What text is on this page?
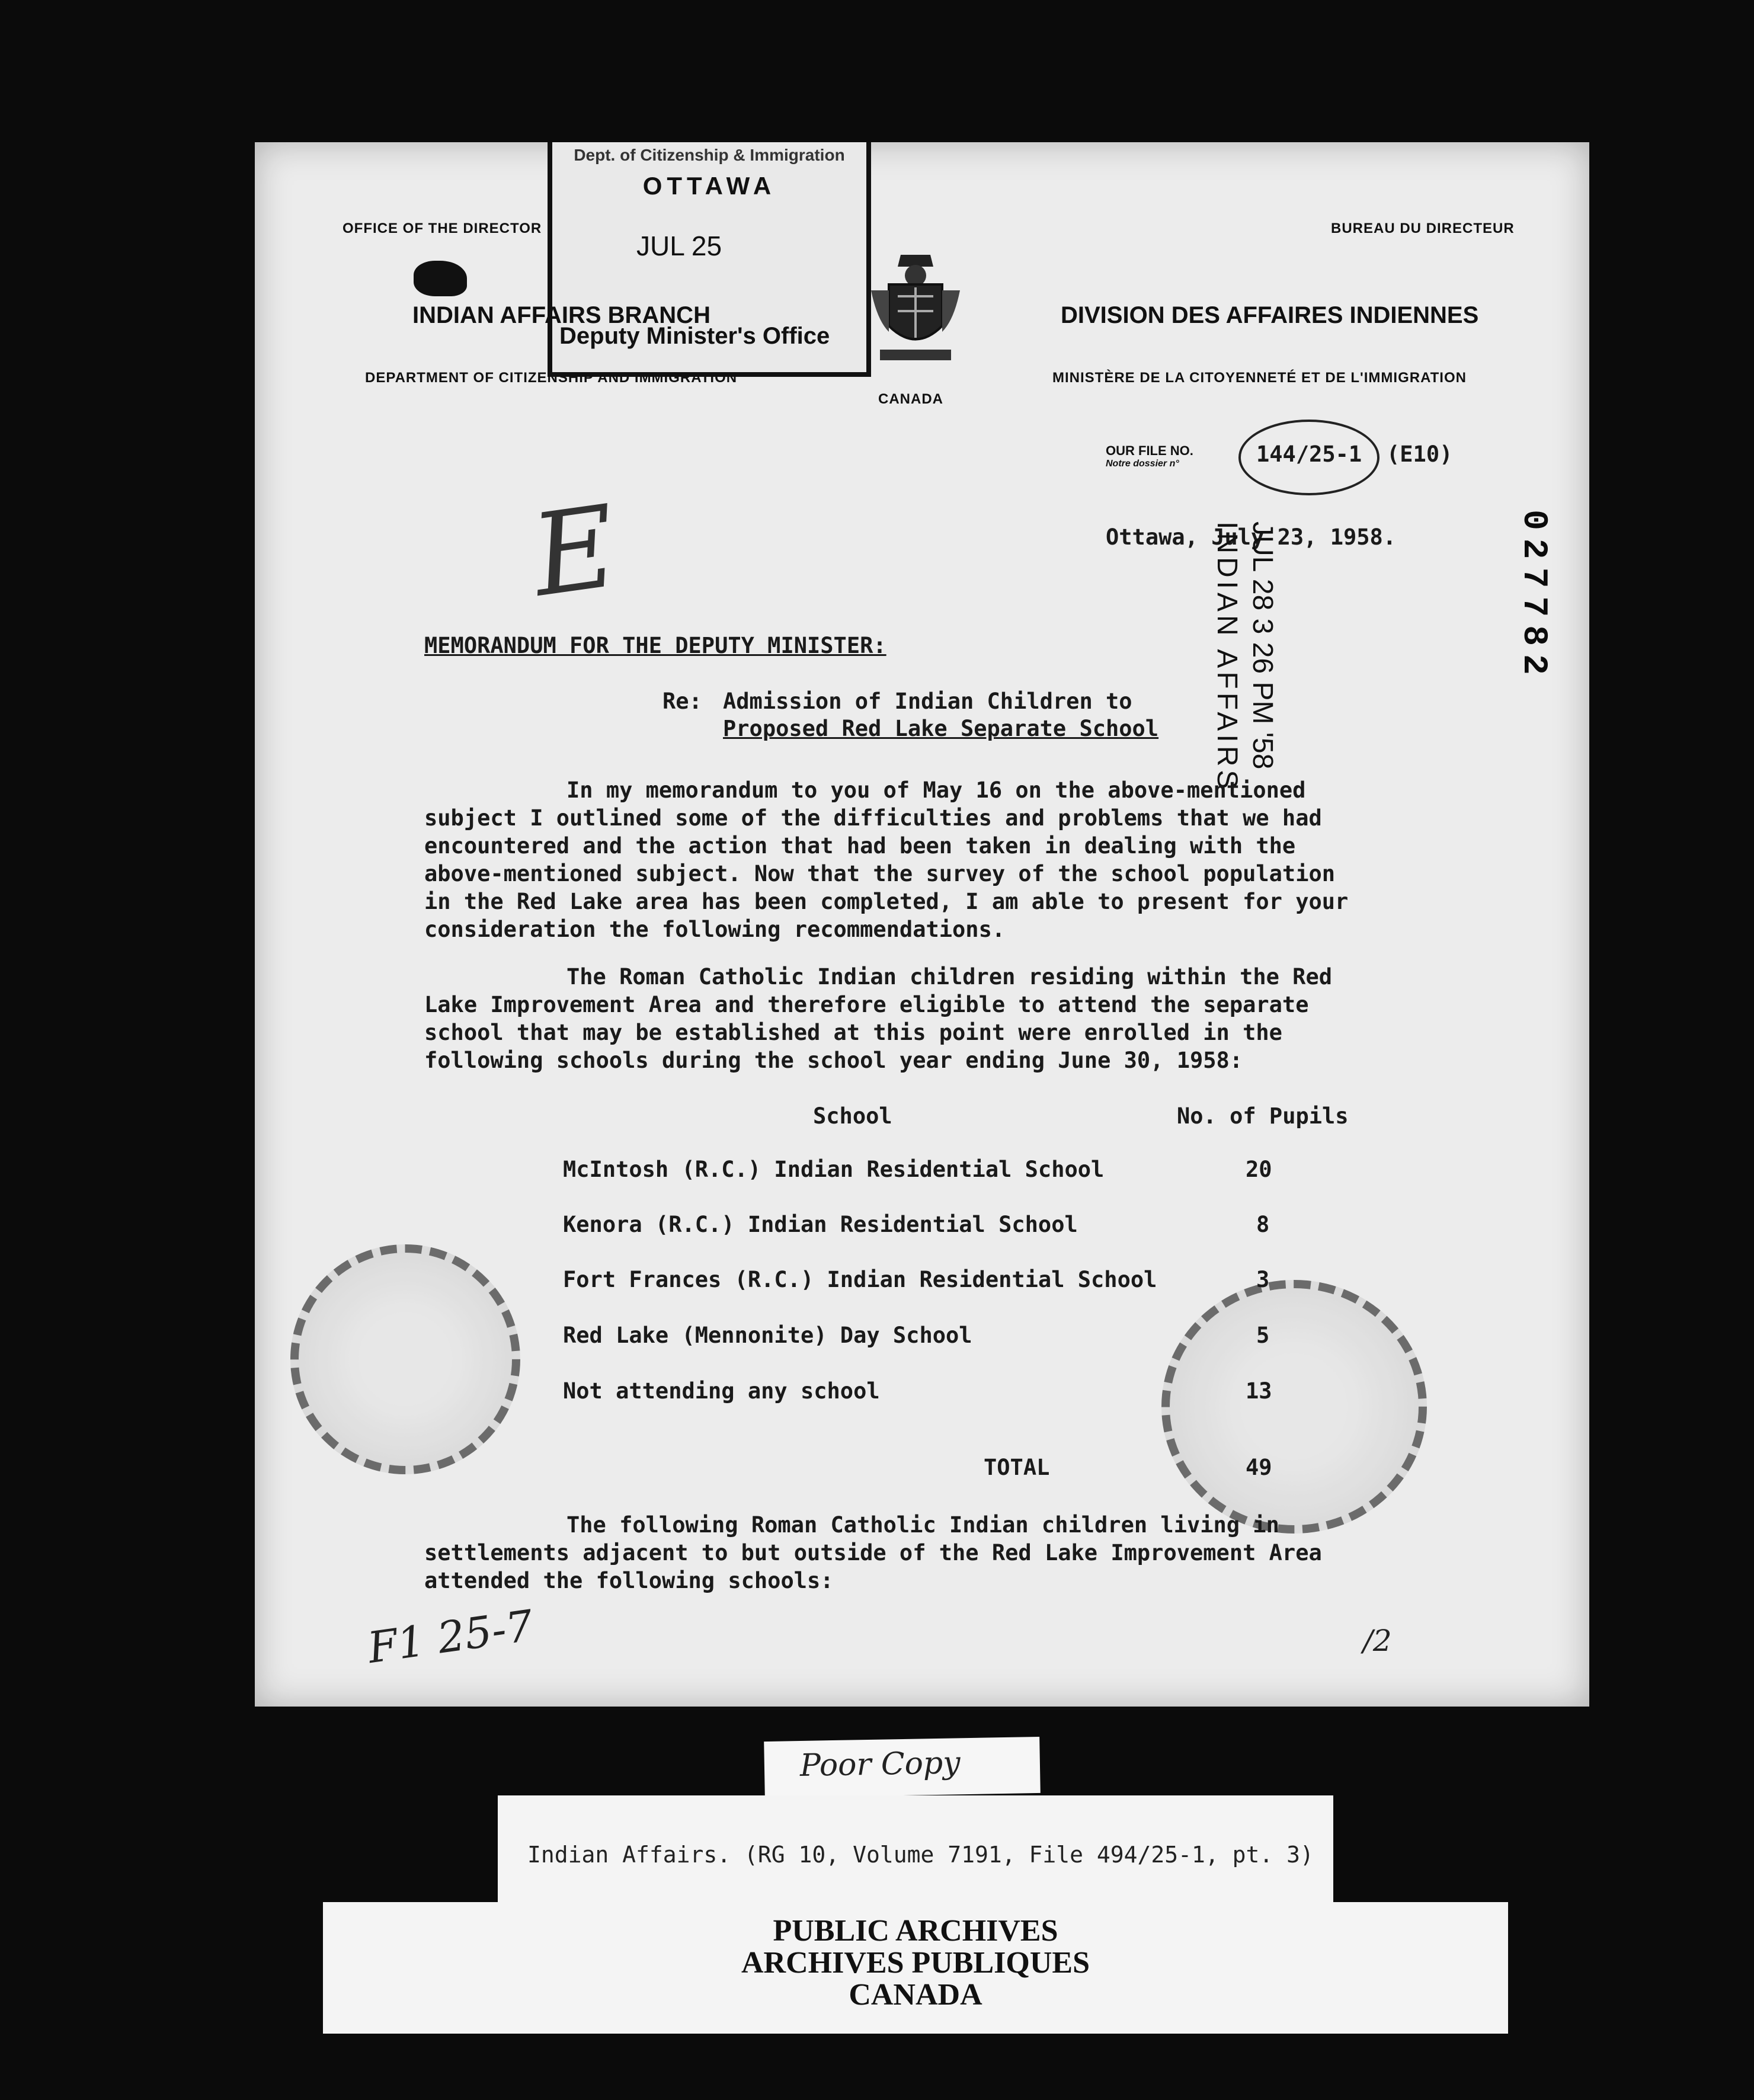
Dept. of Citizenship & Immigration
OTTAWA
JUL 25
Deputy Minister's Office
OFFICE OF THE DIRECTOR	BUREAU DU DIRECTEUR
INDIAN AFFAIRS BRANCH	DIVISION DES AFFAIRES INDIENNES
DEPARTMENT OF CITIZENSHIP AND IMMIGRATION	MINISTÈRE DE LA CITOYENNETÉ ET DE L'IMMIGRATION
CANADA
OUR FILE NO.
Notre dossier n°	144/25-1 (E10)
E	Ottawa, July 23, 1958.
JUL 28 3 26 PM '58
INDIAN AFFAIRS	027782
MEMORANDUM FOR THE DEPUTY MINISTER:
Re: Admission of Indian Children to
Proposed Red Lake Separate School
In my memorandum to you of May 16 on the above-mentioned
subject I outlined some of the difficulties and problems that we had
encountered and the action that had been taken in dealing with the
above-mentioned subject. Now that the survey of the school population
in the Red Lake area has been completed, I am able to present for your
consideration the following recommendations.
The Roman Catholic Indian children residing within the Red
Lake Improvement Area and therefore eligible to attend the separate
school that may be established at this point were enrolled in the
following schools during the school year ending June 30, 1958:
School	No. of Pupils
McIntosh (R.C.) Indian Residential School	20
Kenora (R.C.) Indian Residential School	8
Fort Frances (R.C.) Indian Residential School	3
Red Lake (Mennonite) Day School	5
Not attending any school	13
TOTAL	49
The following Roman Catholic Indian children living in
settlements adjacent to but outside of the Red Lake Improvement Area
attended the following schools:
F1 25-7	/2
Poor Copy
Indian Affairs. (RG 10, Volume 7191, File 494/25-1, pt. 3)
PUBLIC ARCHIVES
ARCHIVES PUBLIQUES
CANADA
